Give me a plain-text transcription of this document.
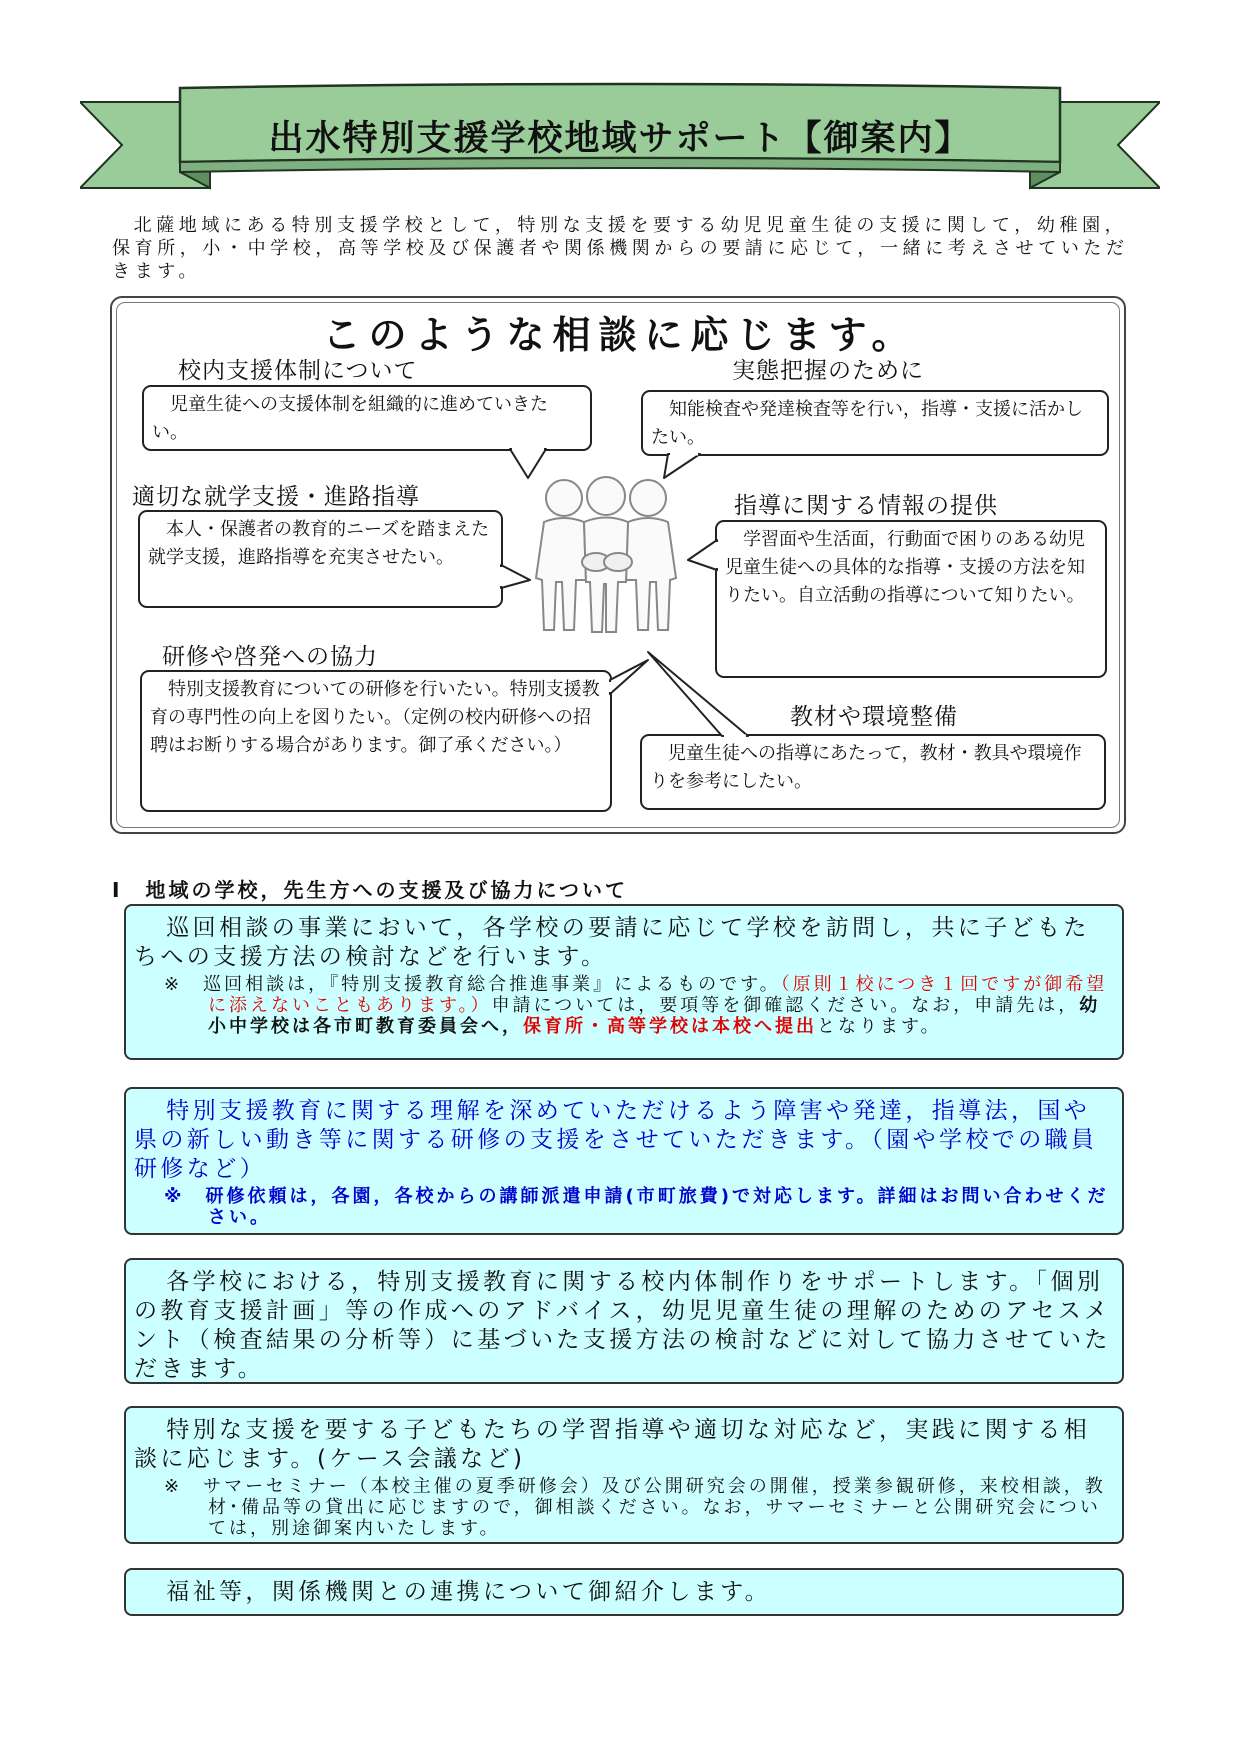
出水特別支援学校地域サポート【御案内】
北薩地域にある特別支援学校として，特別な支援を要する幼児児童生徒の支援に関して，幼稚園，保育所，小・中学校，高等学校及び保護者や関係機関からの要請に応じて，一緒に考えさせていただきます。
このような相談に応じます。
校内支援体制について
児童生徒への支援体制を組織的に進めていきたい。
実態把握のために
知能検査や発達検査等を行い，指導・支援に活かしたい。
適切な就学支援・進路指導
本人・保護者の教育的ニーズを踏まえた就学支援，進路指導を充実させたい。
指導に関する情報の提供
学習面や生活面，行動面で困りのある幼児児童生徒への具体的な指導・支援の方法を知りたい。自立活動の指導について知りたい。
研修や啓発への協力
特別支援教育についての研修を行いたい。特別支援教育の専門性の向上を図りたい。（定例の校内研修への招聘はお断りする場合があります。御了承ください。）
教材や環境整備
児童生徒への指導にあたって，教材・教具や環境作りを参考にしたい。
Ⅰ　地域の学校，先生方への支援及び協力について
巡回相談の事業において，各学校の要請に応じて学校を訪問し，共に子どもたちへの支援方法の検討などを行います。
※　 巡回相談は，『特別支援教育総合推進事業』によるものです。（原則１校につき１回ですが御希望に添えないこともあります。）申請については，要項等を御確認ください。なお，申請先は，幼小中学校は各市町教育委員会へ，保育所・高等学校は本校へ提出となります。
特別支援教育に関する理解を深めていただけるよう障害や発達，指導法，国や県の新しい動き等に関する研修の支援をさせていただきます。（園や学校での職員研修など）
※　 研修依頼は，各園，各校からの講師派遣申請(市町旅費)で対応します。詳細はお問い合わせください。
各学校における，特別支援教育に関する校内体制作りをサポートします。「個別の教育支援計画」等の作成へのアドバイス，幼児児童生徒の理解のためのアセスメント（検査結果の分析等）に基づいた支援方法の検討などに対して協力させていただきます。
特別な支援を要する子どもたちの学習指導や適切な対応など，実践に関する相談に応じます。(ケース会議など)
※　 サマーセミナー（本校主催の夏季研修会）及び公開研究会の開催，授業参観研修，来校相談，教材･備品等の貸出に応じますので，御相談ください。なお，サマーセミナーと公開研究会については，別途御案内いたします。
福祉等，関係機関との連携について御紹介します。
